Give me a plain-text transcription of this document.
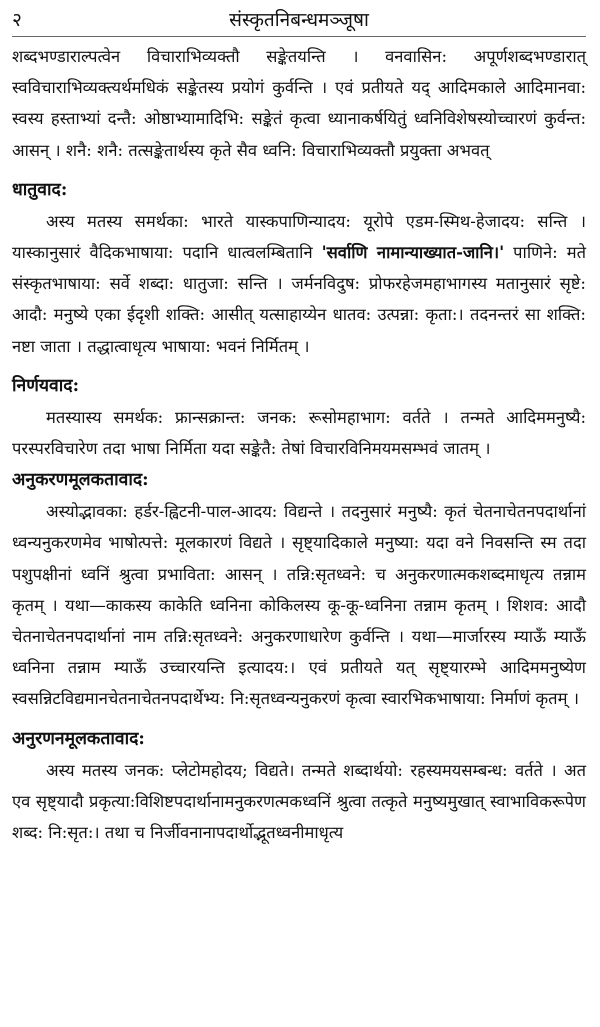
२	संस्कृतनिबन्धमञ्जूषा

शब्दभण्डाराल्पत्वेन विचाराभिव्यक्तौ सङ्केतयन्ति । वनवासिन: अपूर्णशब्दभण्डारात् स्वविचाराभिव्यक्त्यर्थमधिकं सङ्केतस्य प्रयोगं कुर्वन्ति । एवं प्रतीयते यद् आदिमकाले आदिमानवा: स्वस्य हस्ताभ्यां दन्तै: ओष्ठाभ्यामादिभि: सङ्केतं कृत्वा ध्यानाकर्षयितुं ध्वनिविशेषस्योच्चारणं कुर्वन्त: आसन् । शनै: शनै: तत्सङ्केतार्थस्य कृते सैव ध्वनि: विचाराभिव्यक्तौ प्रयुक्ता अभवत्

धातुवाद:

अस्य मतस्य समर्थका: भारते यास्कपाणिन्यादय: यूरोपे एडम-स्मिथ-हेजादय: सन्ति । यास्कानुसारं वैदिकभाषाया: पदानि धात्वलम्बितानि 'सर्वाणि नामान्याख्यात-जानि।' पाणिने: मते संस्कृतभाषाया: सर्वे शब्दा: धातुजा: सन्ति । जर्मनविदुष: प्रोफरहेजमहाभागस्य मतानुसारं सृष्टे: आदौ: मनुष्ये एका ईदृशी शक्ति: आसीत् यत्साहाय्येन धातव: उत्पन्ना: कृता:। तदनन्तरं सा शक्ति: नष्टा जाता । तद्धात्वाधृत्य भाषाया: भवनं निर्मितम् ।

निर्णयवाद:

मतस्यास्य समर्थक: फ्रान्सक्रान्त: जनक: रूसोमहाभाग: वर्तते । तन्मते आदिममनुष्यै: परस्परविचारेण तदा भाषा निर्मिता यदा सङ्केतै: तेषां विचारविनिमयमसम्भवं जातम् ।

अनुकरणमूलकतावाद:

अस्योद्भावका: हर्डर-ह्विटनी-पाल-आदय: विद्यन्ते । तदनुसारं मनुष्यै: कृतं चेतनाचेतनपदार्थानां ध्वन्यनुकरणमेव भाषोत्पत्ते: मूलकारणं विद्यते । सृष्ट्यादिकाले मनुष्या: यदा वने निवसन्ति स्म तदा पशुपक्षीनां ध्वनिं श्रुत्वा प्रभाविता: आसन् । तन्नि:सृतध्वने: च अनुकरणात्मकशब्दमाधृत्य तन्नाम कृतम् । यथा—काकस्य काकेति ध्वनिना कोकिलस्य कू-कू-ध्वनिना तन्नाम कृतम् । शिशव: आदौ चेतनाचेतनपदार्थानां नाम तन्नि:सृतध्वने: अनुकरणाधारेण कुर्वन्ति । यथा—मार्जारस्य म्याऊँ म्याऊँ ध्वनिना तन्नाम म्याऊँ उच्चारयन्ति इत्यादय:। एवं प्रतीयते यत् सृष्ट्यारम्भे आदिममनुष्येण स्वसन्निटविद्यमानचेतनाचेतनपदार्थेभ्य: नि:सृतध्वन्यनुकरणं कृत्वा स्वारभिकभाषाया: निर्माणं कृतम् ।

अनुरणनमूलकतावाद:

अस्य मतस्य जनक: प्लेटोमहोदय; विद्यते। तन्मते शब्दार्थयो: रहस्यमयसम्बन्ध: वर्तते । अत एव सृष्ट्यादौ प्रकृत्या:विशिष्टपदार्थानामनुकरणत्मकध्वनिं श्रुत्वा तत्कृते मनुष्यमुखात् स्वाभाविकरूपेण शब्द: नि:सृत:। तथा च निर्जीवनानापदार्थोद्भूतध्वनीमाधृत्य
